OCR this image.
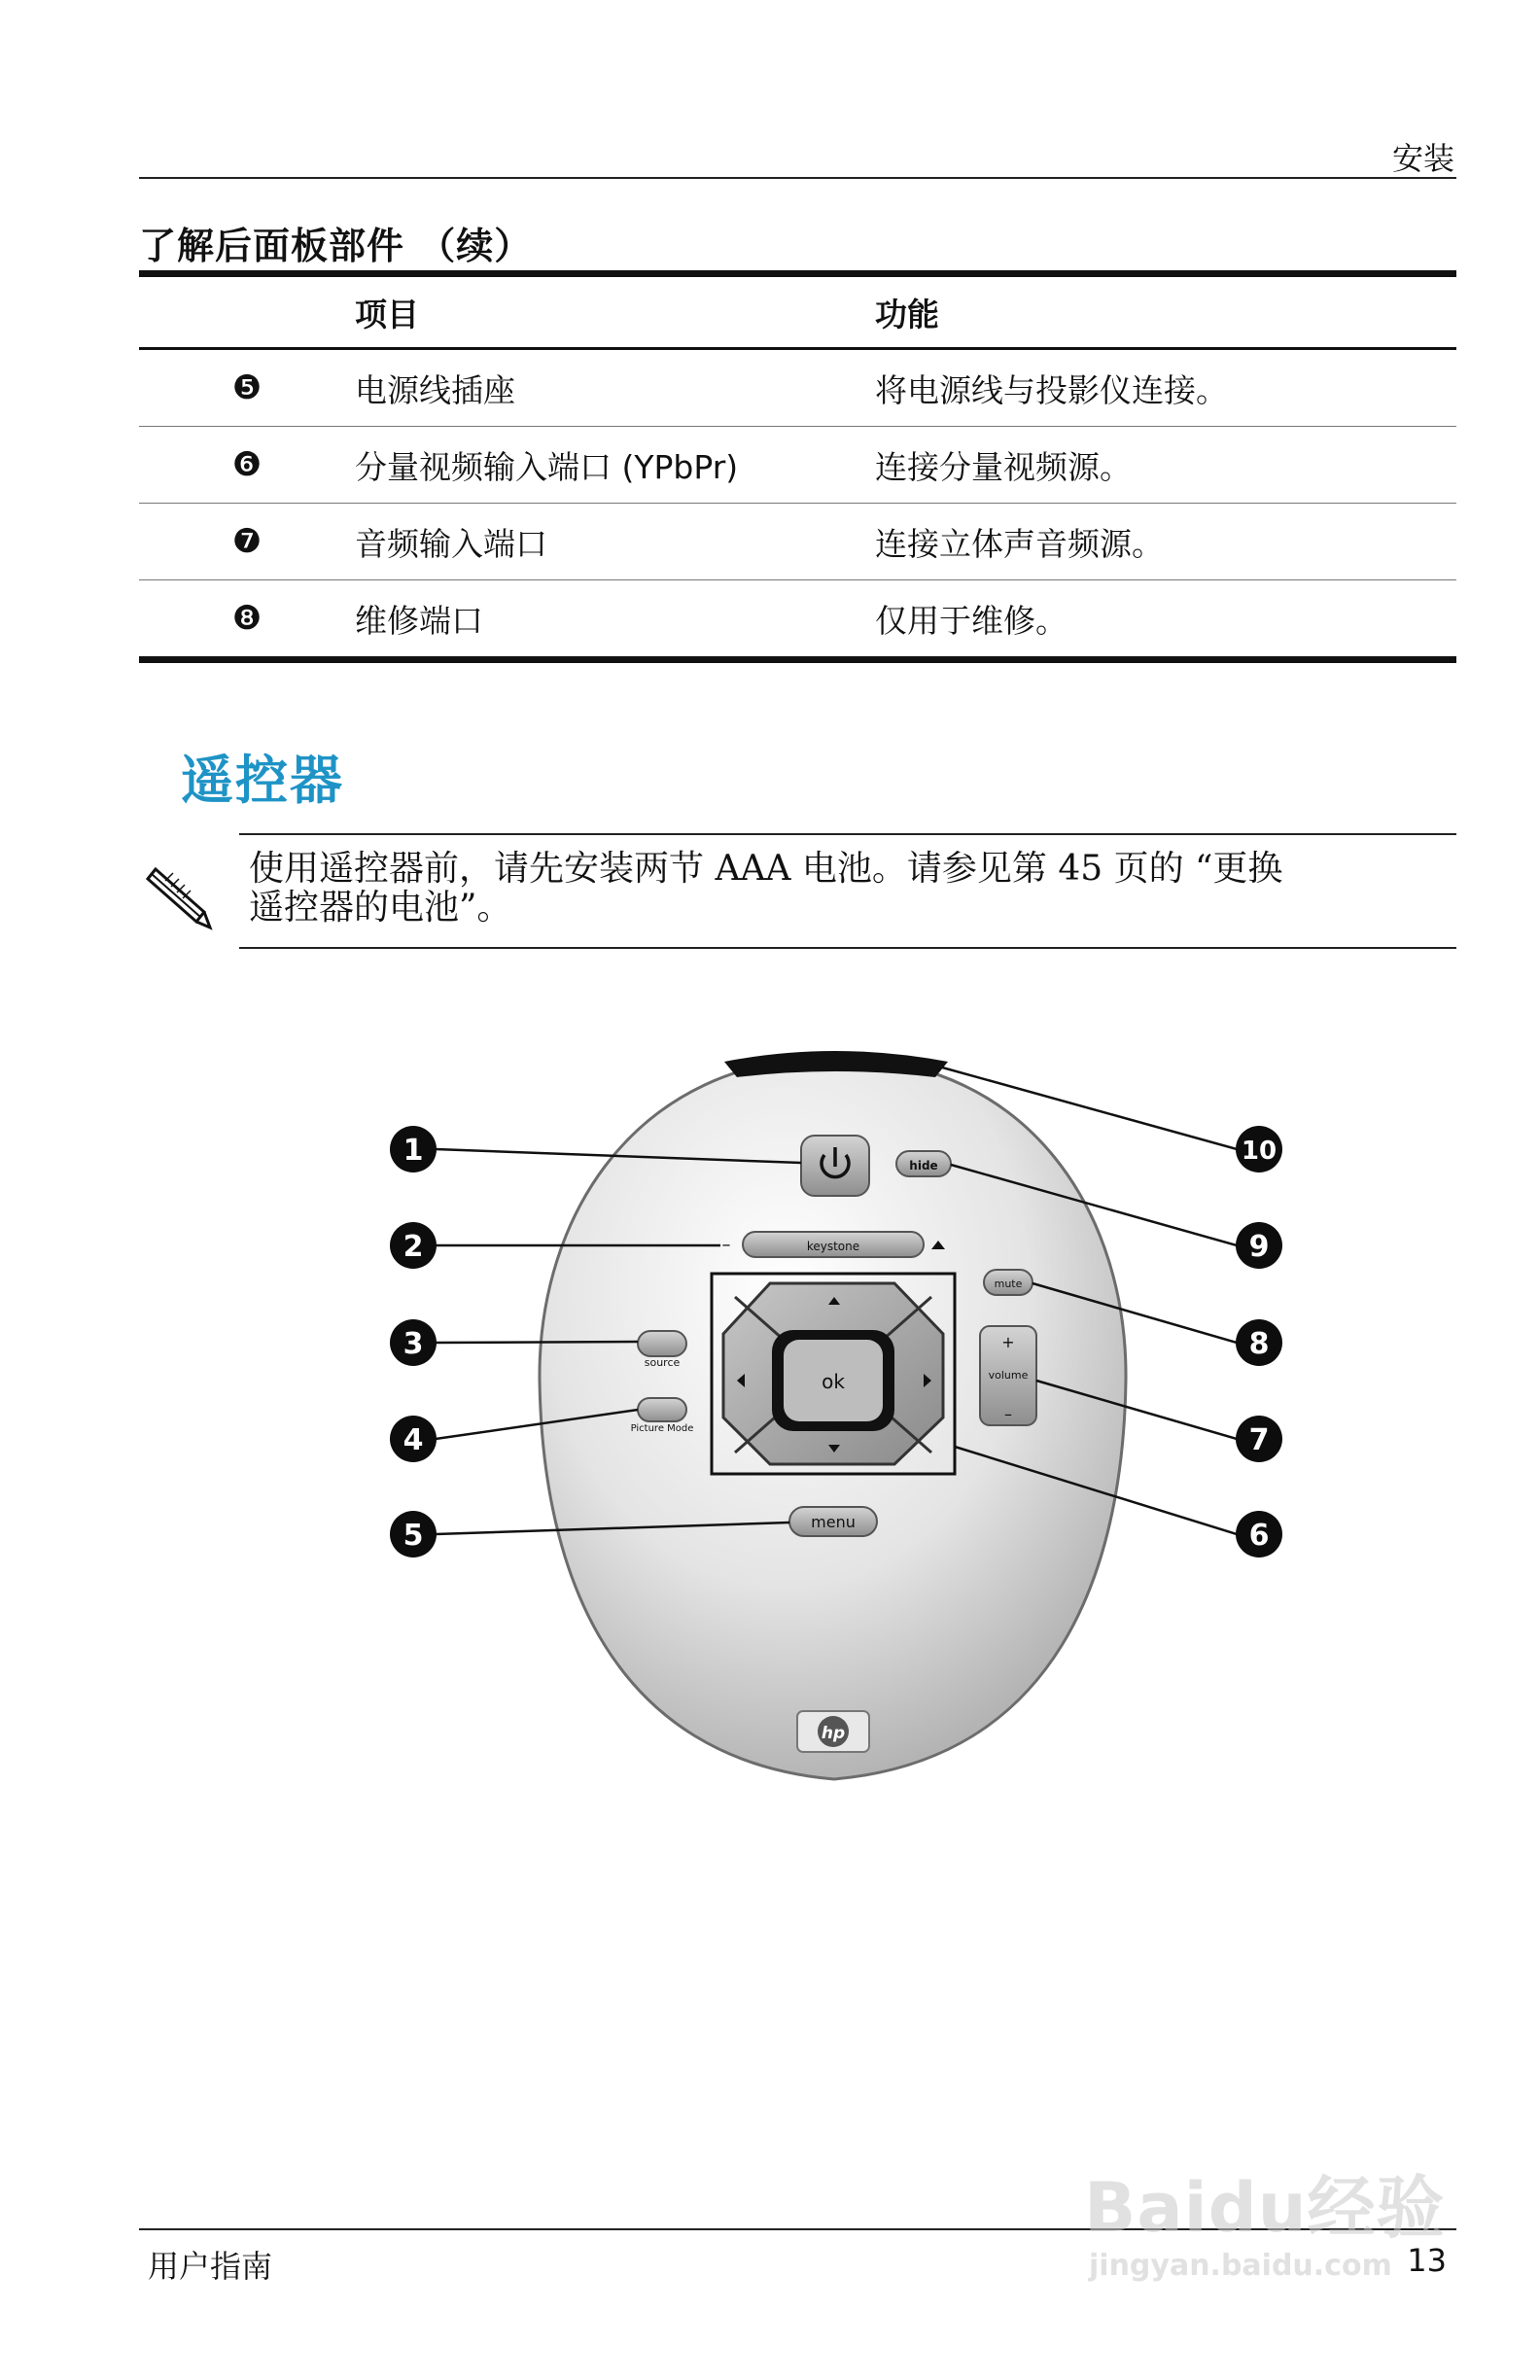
安装
了解后面板部件 （续）
项目	功能
❺	电源线插座	将电源线与投影仪连接。
❻	分量视频输入端口 (YPbPr)	连接分量视频源。
❼	音频输入端口	连接立体声音频源。
❽	维修端口	仅用于维修。
遥控器
使用遥控器前，请先安装两节 AAA 电池。请参见第 45 页的 “更换
遥控器的电池”。
hide
keystone
–
mute
+
volume
–
source
Picture Mode
ok
menu
hp
1
2
3
4
5	6
7
8
9
10
用户指南	13
Baidu经验
jingyan.baidu.com
